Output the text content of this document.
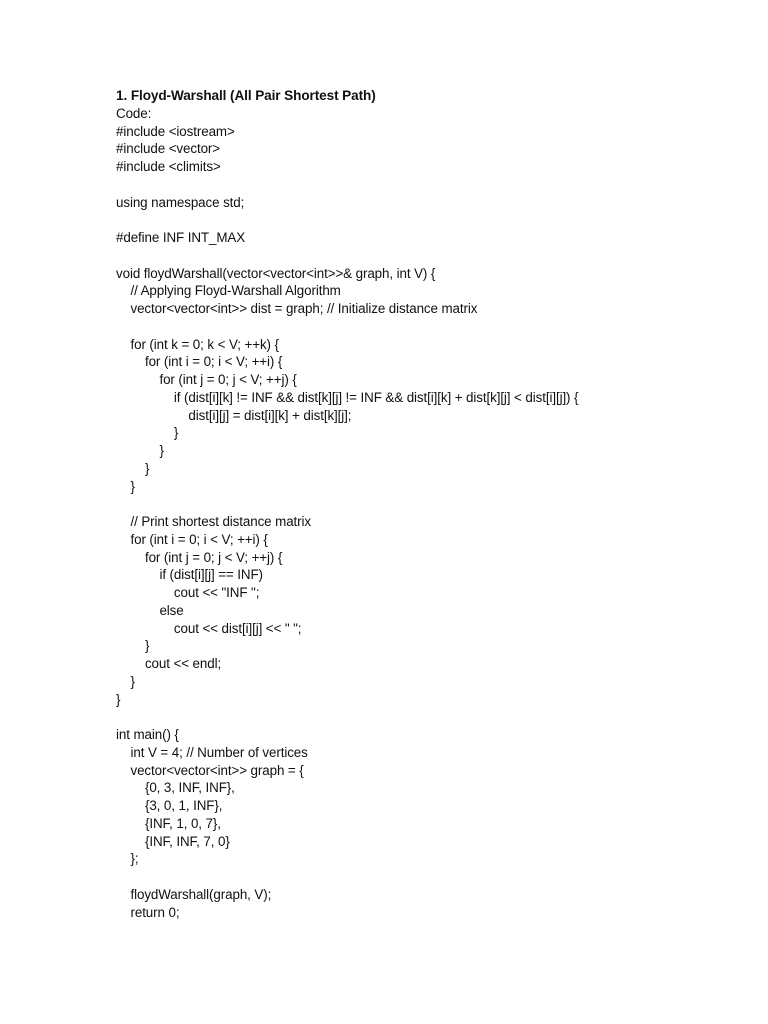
1. Floyd-Warshall (All Pair Shortest Path)
Code:
#include <iostream>
#include <vector>
#include <climits>
using namespace std;
#define INF INT_MAX
void floydWarshall(vector<vector<int>>& graph, int V) {
// Applying Floyd-Warshall Algorithm
vector<vector<int>> dist = graph; // Initialize distance matrix
for (int k = 0; k < V; ++k) {
for (int i = 0; i < V; ++i) {
for (int j = 0; j < V; ++j) {
if (dist[i][k] != INF && dist[k][j] != INF && dist[i][k] + dist[k][j] < dist[i][j]) {
dist[i][j] = dist[i][k] + dist[k][j];
}
}
}
}
// Print shortest distance matrix
for (int i = 0; i < V; ++i) {
for (int j = 0; j < V; ++j) {
if (dist[i][j] == INF)
cout << "INF ";
else
cout << dist[i][j] << " ";
}
cout << endl;
}
}
int main() {
int V = 4; // Number of vertices
vector<vector<int>> graph = {
{0, 3, INF, INF},
{3, 0, 1, INF},
{INF, 1, 0, 7},
{INF, INF, 7, 0}
};
floydWarshall(graph, V);
return 0;
